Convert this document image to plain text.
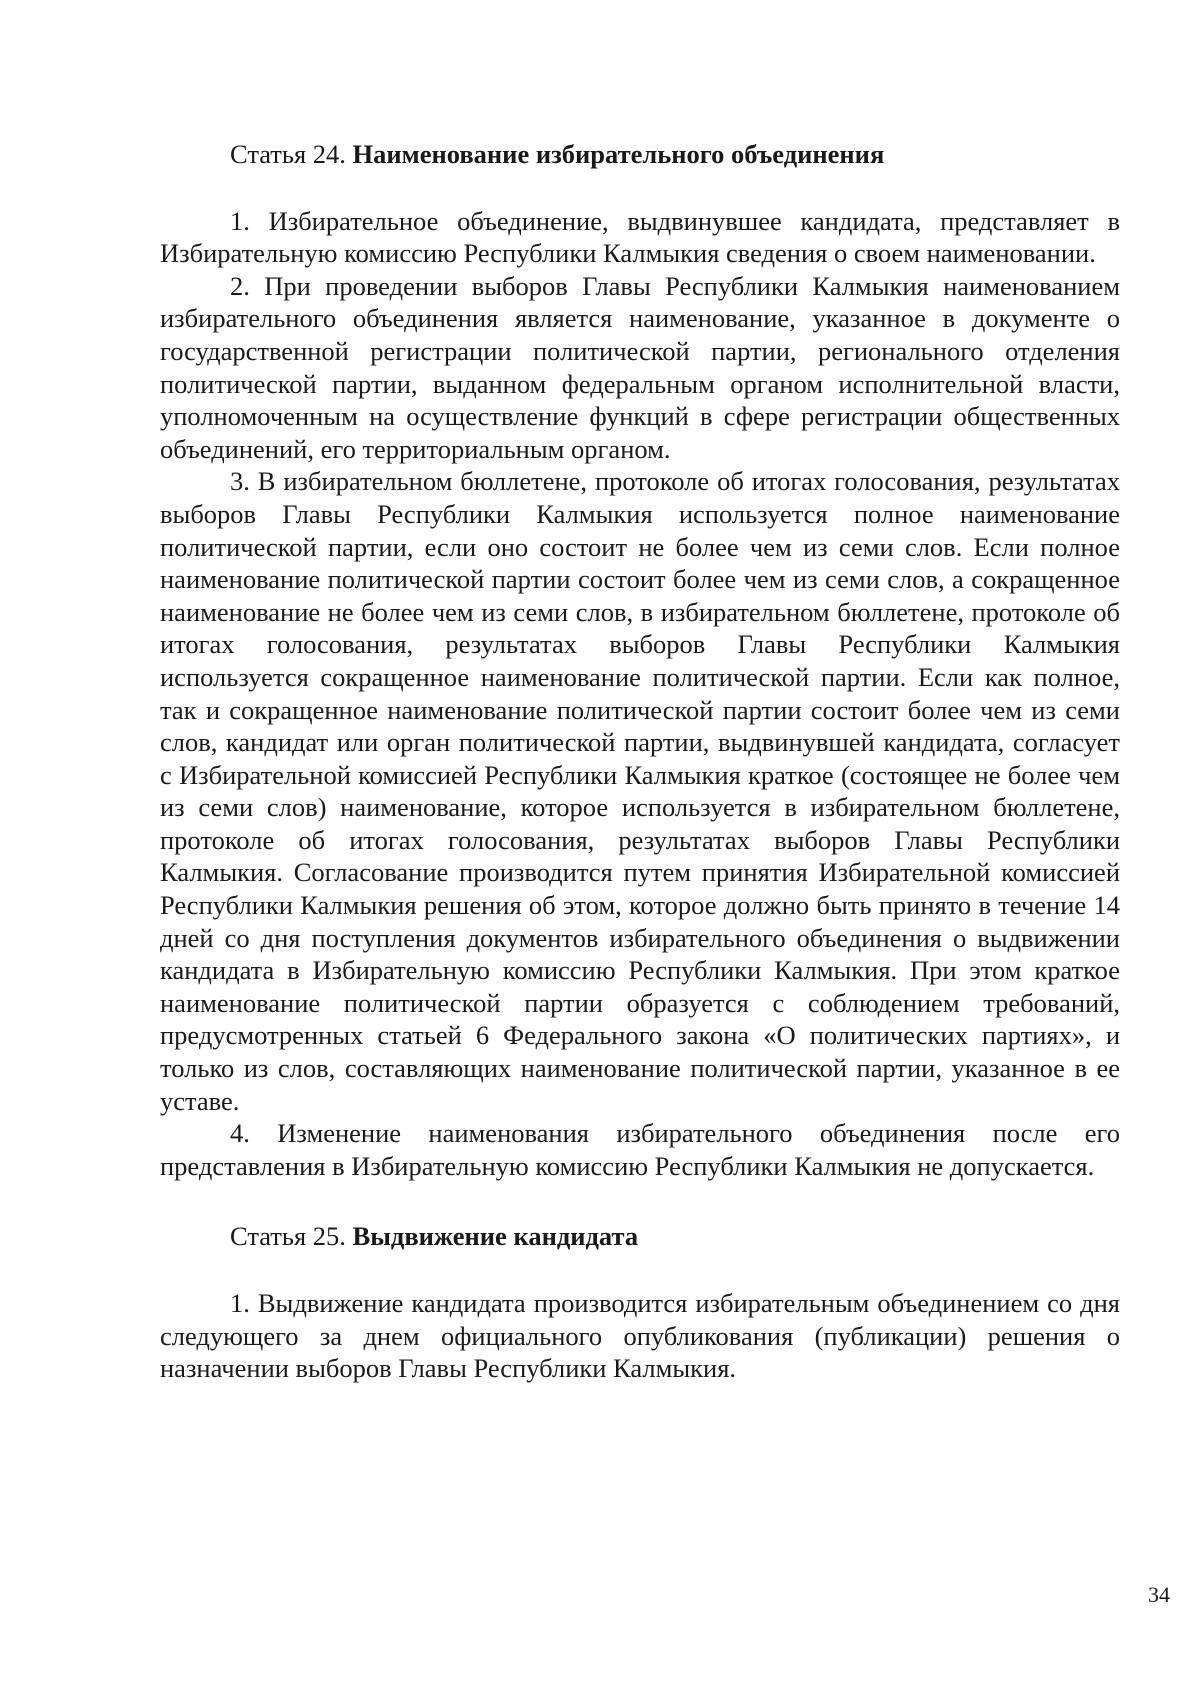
Статья 24. Наименование избирательного объединения

1. Избирательное объединение, выдвинувшее кандидата, представляет в Избирательную комиссию Республики Калмыкия сведения о своем наименовании.

2. При проведении выборов Главы Республики Калмыкия наименованием избирательного объединения является наименование, указанное в документе о государственной регистрации политической партии, регионального отделения политической партии, выданном федеральным органом исполнительной власти, уполномоченным на осуществление функций в сфере регистрации общественных объединений, его территориальным органом.

3. В избирательном бюллетене, протоколе об итогах голосования, результатах выборов Главы Республики Калмыкия используется полное наименование политической партии, если оно состоит не более чем из семи слов. Если полное наименование политической партии состоит более чем из семи слов, а сокращенное наименование не более чем из семи слов, в избирательном бюллетене, протоколе об итогах голосования, результатах выборов Главы Республики Калмыкия используется сокращенное наименование политической партии. Если как полное, так и сокращенное наименование политической партии состоит более чем из семи слов, кандидат или орган политической партии, выдвинувшей кандидата, согласует с Избирательной комиссией Республики Калмыкия краткое (состоящее не более чем из семи слов) наименование, которое используется в избирательном бюллетене, протоколе об итогах голосования, результатах выборов Главы Республики Калмыкия. Согласование производится путем принятия Избирательной комиссией Республики Калмыкия решения об этом, которое должно быть принято в течение 14 дней со дня поступления документов избирательного объединения о выдвижении кандидата в Избирательную комиссию Республики Калмыкия. При этом краткое наименование политической партии образуется с соблюдением требований, предусмотренных статьей 6 Федерального закона «О политических партиях», и только из слов, составляющих наименование политической партии, указанное в ее уставе.

4. Изменение наименования избирательного объединения после его представления в Избирательную комиссию Республики Калмыкия не допускается.

Статья 25. Выдвижение кандидата

1. Выдвижение кандидата производится избирательным объединением со дня следующего за днем официального опубликования (публикации) решения о назначении выборов Главы Республики Калмыкия.

34
